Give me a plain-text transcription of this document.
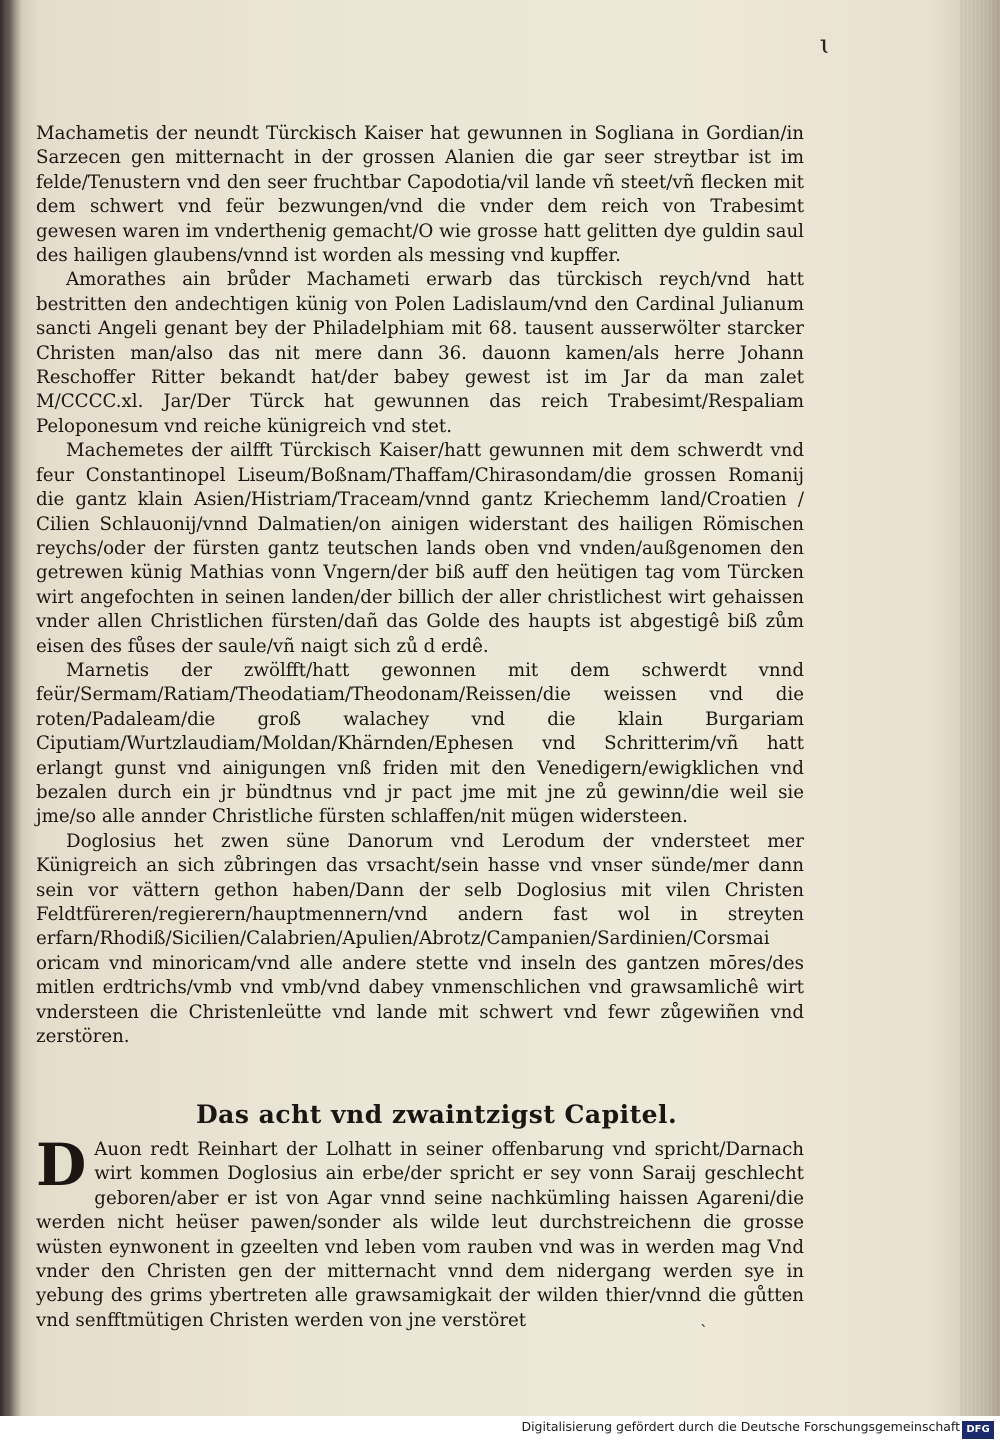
ɩ

Machametis der neundt Türckisch Kaiser hat gewunnen in Sogliana in Gordian/in Sarzecen gen mitternacht in der grossen Alanien die gar seer streytbar ist im felde/Tenustern vnd den seer fruchtbar Capodotia/vil lande vñ steet/vñ flecken mit dem schwert vnd feür bezwungen/vnd die vnder dem reich von Trabesimt gewesen waren im vnderthenig gemacht/O wie grosse hatt gelitten dye guldin saul des hailigen glaubens/vnnd ist worden als messing vnd kupffer.

Amorathes ain brůder Machameti erwarb das türckisch reych/vnd hatt bestritten den andechtigen künig von Polen Ladislaum/vnd den Cardinal Julianum sancti Angeli genant bey der Philadelphiam mit 68. tausent ausserwölter starcker Christen man/also das nit mere dann 36. dauonn kamen/als herre Johann Reschoffer Ritter bekandt hat/der babey gewest ist im Jar da man zalet M/CCCC.xl. Jar/Der Türck hat gewunnen das reich Trabesimt/Respaliam Peloponesum vnd reiche künigreich vnd stet.

Machemetes der ailfft Türckisch Kaiser/hatt gewunnen mit dem schwerdt vnd feur Constantinopel Liseum/Boßnam/Thaffam/Chirasondam/die grossen Romanij die gantz klain Asien/Histriam/Traceam/vnnd gantz Kriechemm land/Croatien / Cilien Schlauonij/vnnd Dalmatien/on ainigen widerstant des hailigen Römischen reychs/oder der fürsten gantz teutschen lands oben vnd vnden/außgenomen den getrewen künig Mathias vonn Vngern/der biß auff den heütigen tag vom Türcken wirt angefochten in seinen landen/der billich der aller christlichest wirt gehaissen vnder allen Christlichen fürsten/dañ das Golde des haupts ist abgestigê biß zům eisen des fůses der saule/vñ naigt sich zů d erdê.

Marnetis der zwölfft/hatt gewonnen mit dem schwerdt vnnd feür/Sermam/Ratiam/Theodatiam/Theodonam/Reissen/die weissen vnd die roten/Padaleam/die groß walachey vnd die klain Burgariam Ciputiam/Wurtzlaudiam/Moldan/Khärnden/Ephesen vnd Schritterim/vñ hatt erlangt gunst vnd ainigungen vnß friden mit den Venedigern/ewigklichen vnd bezalen durch ein jr bündtnus vnd jr pact jme mit jne zů gewinn/die weil sie jme/so alle annder Christliche fürsten schlaffen/nit mügen widersteen.

Doglosius het zwen süne Danorum vnd Lerodum der vndersteet mer Künigreich an sich zůbringen das vrsacht/sein hasse vnd vnser sünde/mer dann sein vor vättern gethon haben/Dann der selb Doglosius mit vilen Christen Feldtfüreren/regierern/hauptmennern/vnd andern fast wol in streyten erfarn/Rhodiß/Sicilien/Calabrien/Apulien/Abrotz/Campanien/Sardinien/Corsmai oricam vnd minoricam/vnd alle andere stette vnd inseln des gantzen mōres/des mitlen erdtrichs/vmb vnd vmb/vnd dabey vnmenschlichen vnd grawsamlichê wirt vndersteen die Christenleütte vnd lande mit schwert vnd fewr zůgewiñen vnd zerstören.

Das acht vnd zwaintzigst Capitel.
D Auon redt Reinhart der Lolhatt in seiner offenbarung vnd spricht/Darnach wirt kommen Doglosius ain erbe/der spricht er sey vonn Saraij geschlecht geboren/aber er ist von Agar vnnd seine nachkümling haissen Agareni/die werden nicht heüser pawen/sonder als wilde leut durchstreichenn die grosse wüsten eynwonent in gzeelten vnd leben vom rauben vnd was in werden mag Vnd vnder den Christen gen der mitternacht vnnd dem nidergang werden sye in yebung des grims ybertreten alle grawsamigkait der wilden thier/vnnd die gůtten vnd senfftmütigen Christen werden von jne verstöret
ˋ
Digitalisierung gefördert durch die Deutsche Forschungsgemeinschaft DFG
